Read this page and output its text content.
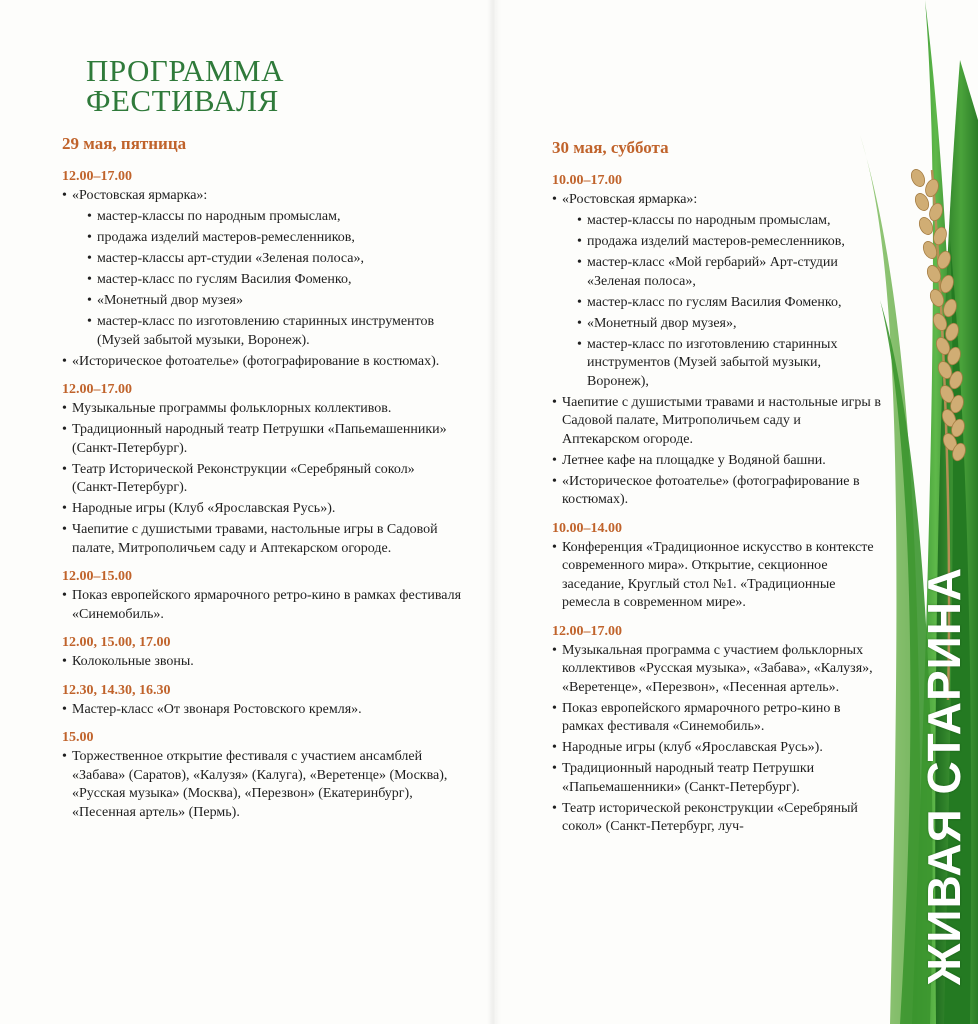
ПРОГРАММА
ФЕСТИВАЛЯ
29 мая, пятница
12.00–17.00
• «Ростовская ярмарка»:
• мастер-классы по народным промыслам,
• продажа изделий мастеров-ремесленников,
• мастер-классы арт-студии «Зеленая полоса»,
• мастер-класс по гуслям Василия Фоменко,
• «Монетный двор музея»
• мастер-класс по изготовлению старинных инструментов (Музей забытой музыки, Воронеж).
• «Историческое фотоателье» (фотографирование в костюмах).
12.00–17.00
• Музыкальные программы фольклорных коллективов.
• Традиционный народный театр Петрушки «Папьемашенники» (Санкт-Петербург).
• Театр Исторической Реконструкции «Серебряный сокол» (Санкт-Петербург).
• Народные игры (Клуб «Ярославская Русь»).
• Чаепитие с душистыми травами, настольные игры в Садовой палате, Митрополичьем саду и Аптекарском огороде.
12.00–15.00
• Показ европейского ярмарочного ретро-кино в рамках фестиваля «Синемобиль».
12.00, 15.00, 17.00
• Колокольные звоны.
12.30, 14.30, 16.30
• Мастер-класс «От звонаря Ростовского кремля».
15.00
• Торжественное открытие фестиваля с участием ансамблей «Забава» (Саратов), «Калузя» (Калуга), «Веретенце» (Москва), «Русская музыка» (Москва), «Перезвон» (Екатеринбург), «Песенная артель» (Пермь).
30 мая, суббота
10.00–17.00
• «Ростовская ярмарка»:
• мастер-классы по народным промыслам,
• продажа изделий мастеров-ремесленников,
• мастер-класс «Мой гербарий» Арт-студии «Зеленая полоса»,
• мастер-класс по гуслям Василия Фоменко,
• «Монетный двор музея»,
• мастер-класс по изготовлению старинных инструментов (Музей забытой музыки, Воронеж),
• Чаепитие с душистыми травами и настольные игры в Садовой палате, Митрополичьем саду и Аптекарском огороде.
• Летнее кафе на площадке у Водяной башни.
• «Историческое фотоателье» (фотографирование в костюмах).
10.00–14.00
• Конференция «Традиционное искусство в контексте современного мира». Открытие, секционное заседание, Круглый стол №1. «Традиционные ремесла в современном мире».
12.00–17.00
• Музыкальная программа с участием фольклорных коллективов «Русская музыка», «Забава», «Калузя», «Веретенце», «Перезвон», «Песенная артель».
• Показ европейского ярмарочного ретро-кино в рамках фестиваля «Синемобиль».
• Народные игры (клуб «Ярославская Русь»).
• Традиционный народный театр Петрушки «Папьемашенники» (Санкт-Петербург).
• Театр исторической реконструкции «Серебряный сокол» (Санкт-Петербург, луч-	ЖИВАЯ СТАРИНА
